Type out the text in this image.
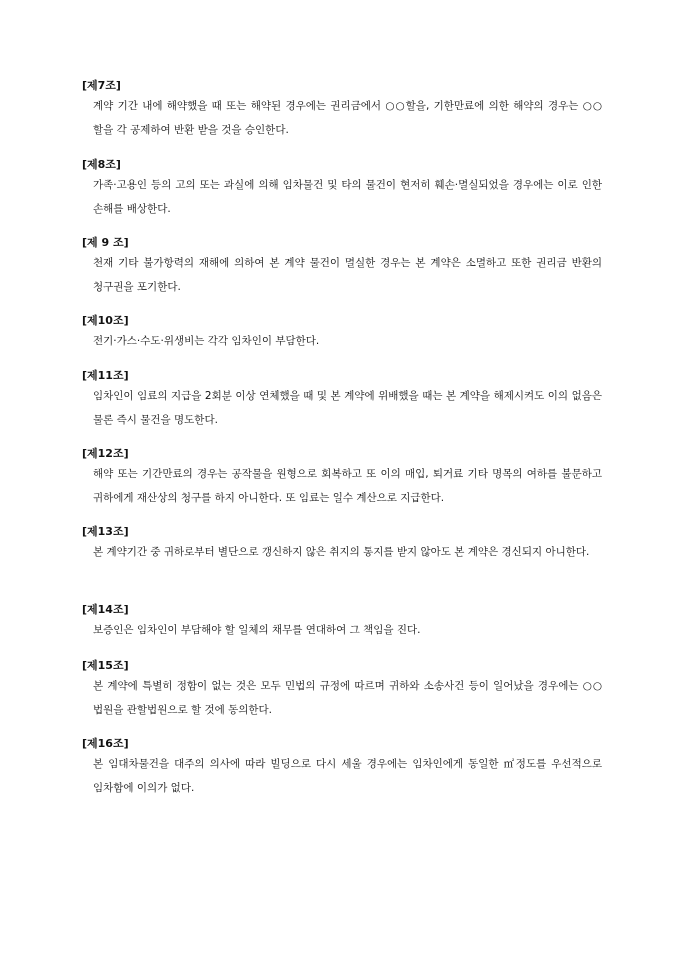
[제7조]
계약 기간 내에 해약했을 때 또는 해약된 경우에는 권리금에서 ○○할을, 기한만료에 의한 해약의 경우는 ○○할을 각 공제하여 반환 받을 것을 승인한다.
[제8조]
가족·고용인 등의 고의 또는 과실에 의해 임차물건 및 타의 물건이 현저히 훼손·멸실되었을 경우에는 이로 인한 손해를 배상한다.
[제 9 조]
천재 기타 불가항력의 재해에 의하여 본 계약 물건이 멸실한 경우는 본 계약은 소멸하고 또한 권리금 반환의 청구권을 포기한다.
[제10조]
전기·가스·수도·위생비는 각각 임차인이 부담한다.
[제11조]
임차인이 임료의 지급을 2회분 이상 연체했을 때 및 본 계약에 위배했을 때는 본 계약을 해제시켜도 이의 없음은 물론 즉시 물건을 명도한다.
[제12조]
해약 또는 기간만료의 경우는 공작물을 원형으로 회복하고 또 이의 매입, 퇴거료 기타 명목의 여하를 불문하고 귀하에게 재산상의 청구를 하지 아니한다. 또 임료는 일수 계산으로 지급한다.
[제13조]
본 계약기간 중 귀하로부터 별단으로 갱신하지 않은 취지의 통지를 받지 않아도 본 계약은 경신되지 아니한다.
[제14조]
보증인은 임차인이 부담해야 할 일체의 채무를 연대하여 그 책임을 진다.
[제15조]
본 계약에 특별히 정함이 없는 것은 모두 민법의 규정에 따르며 귀하와 소송사건 등이 일어났을 경우에는 ○○법원을 관할법원으로 할 것에 동의한다.
[제16조]
본 임대차물건을 대주의 의사에 따라 빌딩으로 다시 세울 경우에는 임차인에게 동일한 ㎡정도를 우선적으로 임차함에 이의가 없다.
